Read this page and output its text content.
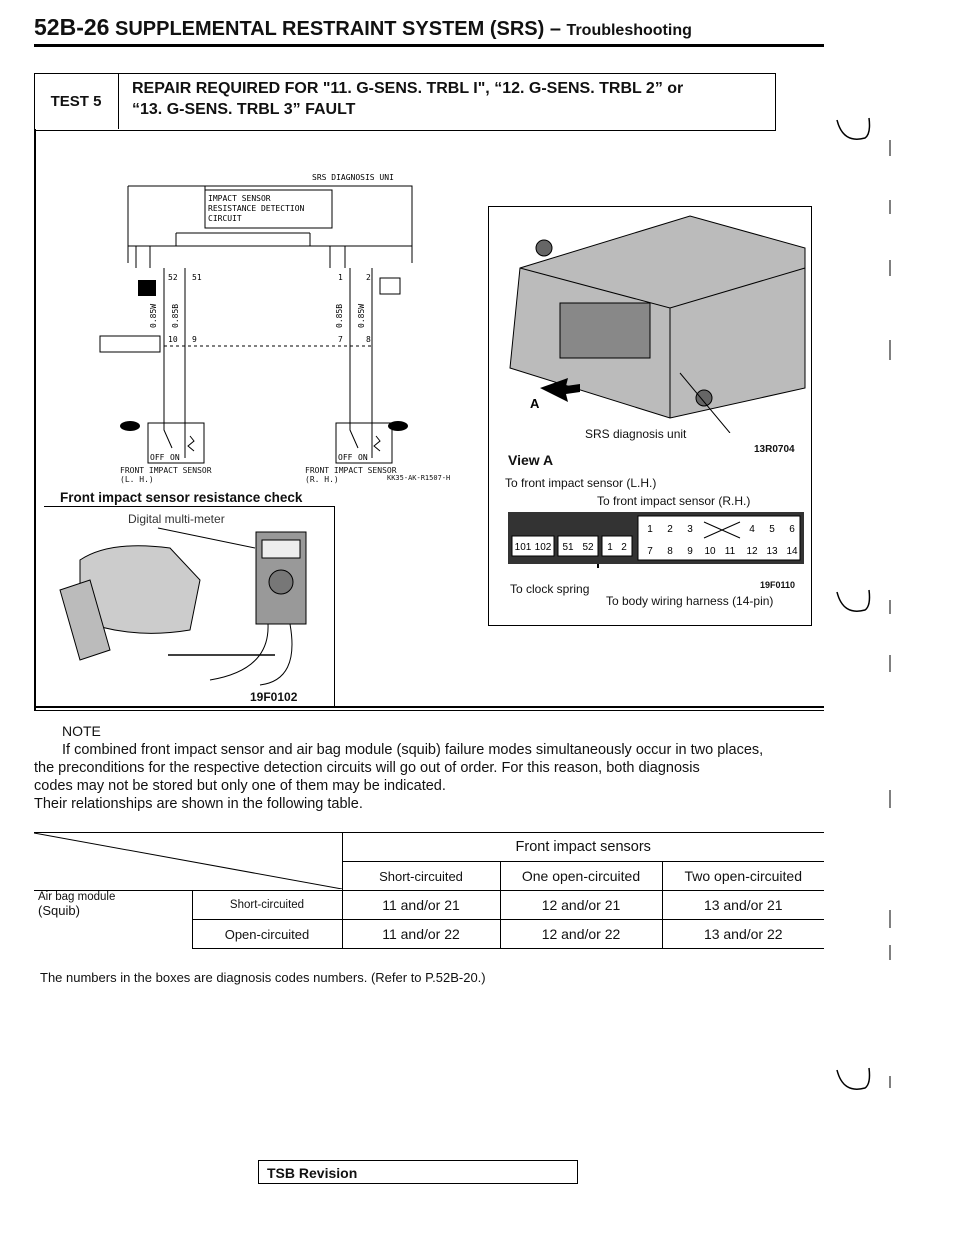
52B-26 SUPPLEMENTAL RESTRAINT SYSTEM (SRS) – Troubleshooting
TEST 5
REPAIR REQUIRED FOR "11. G-SENS. TRBL I", “12. G-SENS. TRBL 2” or
“13. G-SENS. TRBL 3” FAULT
SRS DIAGNOSIS UNI
IMPACT SENSOR
RESISTANCE DETECTION
CIRCUIT
52 51	1	2
10 9	7	8
0.85W 0.85B	0.85B 0.85W
OFF ON	OFF ON
FRONT IMPACT SENSOR (L. H.)
FRONT IMPACT SENSOR (R. H.)	KK35-AK-R1507-H
Front impact sensor resistance check
Digital multi-meter
19F0102
A
SRS diagnosis unit
View A
13R0704
To front impact sensor (L.H.)
To front impact sensor (R.H.)
101 102 51 52 1 2
1 2 3	4 5 6
7 8 9 10 11 12 13 14
To clock spring
To body wiring harness (14-pin)
19F0110
NOTE
If combined front impact sensor and air bag module (squib) failure modes simultaneously occur in two places,
the preconditions for the respective detection circuits will go out of order. For this reason, both diagnosis
codes may not be stored but only one of them may be indicated.
Their relationships are shown in the following table.
	Front impact sensors		
		Short-circuited	One open-circuited	Two open-circuited

Air bag module
(Squib)	Short-circuited	11 and/or 21	12 and/or 21	13 and/or 21
	Open-circuited	11 and/or 22	12 and/or 22	13 and/or 22
The numbers in the boxes are diagnosis codes numbers. (Refer to P.52B-20.)
TSB Revision
